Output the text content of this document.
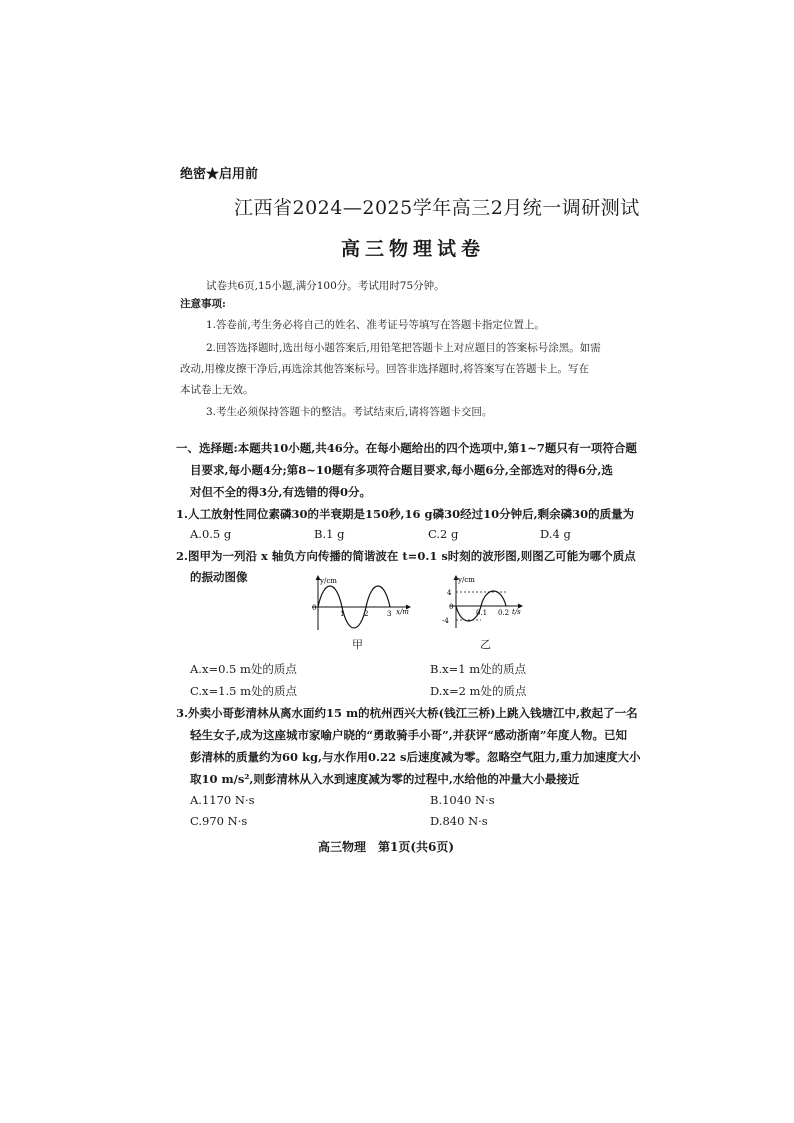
绝密★启用前
江西省2024—2025学年高三2月统一调研测试
高三物理试卷
试卷共6页,15小题,满分100分。考试用时75分钟。
注意事项:
1.答卷前,考生务必将自己的姓名、准考证号等填写在答题卡指定位置上。
2.回答选择题时,选出每小题答案后,用铅笔把答题卡上对应题目的答案标号涂黑。如需
改动,用橡皮擦干净后,再选涂其他答案标号。回答非选择题时,将答案写在答题卡上。写在
本试卷上无效。
3.考生必须保持答题卡的整洁。考试结束后,请将答题卡交回。
一、选择题:本题共10小题,共46分。在每小题给出的四个选项中,第1~7题只有一项符合题
目要求,每小题4分;第8~10题有多项符合题目要求,每小题6分,全部选对的得6分,选
对但不全的得3分,有选错的得0分。
1.人工放射性同位素磷30的半衰期是150秒,16 g磷30经过10分钟后,剩余磷30的质量为
A.0.5 g	B.1 g	C.2 g	D.4 g
2.图甲为一列沿 x 轴负方向传播的简谐波在 t=0.1 s时刻的波形图,则图乙可能为哪个质点
的振动图像	y/cm
0
1	2	3 x/m
y/cm
4
0
-4
0.1 0.2 t/s
甲	乙
A.x=0.5 m处的质点	B.x=1 m处的质点
C.x=1.5 m处的质点	D.x=2 m处的质点
3.外卖小哥彭清林从离水面约15 m的杭州西兴大桥(钱江三桥)上跳入钱塘江中,救起了一名
轻生女子,成为这座城市家喻户晓的“勇敢骑手小哥”,并获评“感动浙南”年度人物。已知
彭清林的质量约为60 kg,与水作用0.22 s后速度减为零。忽略空气阻力,重力加速度大小
取10 m/s²,则彭清林从入水到速度减为零的过程中,水给他的冲量大小最接近
A.1170 N·s	B.1040 N·s
C.970 N·s	D.840 N·s
高三物理　第1页(共6页)
